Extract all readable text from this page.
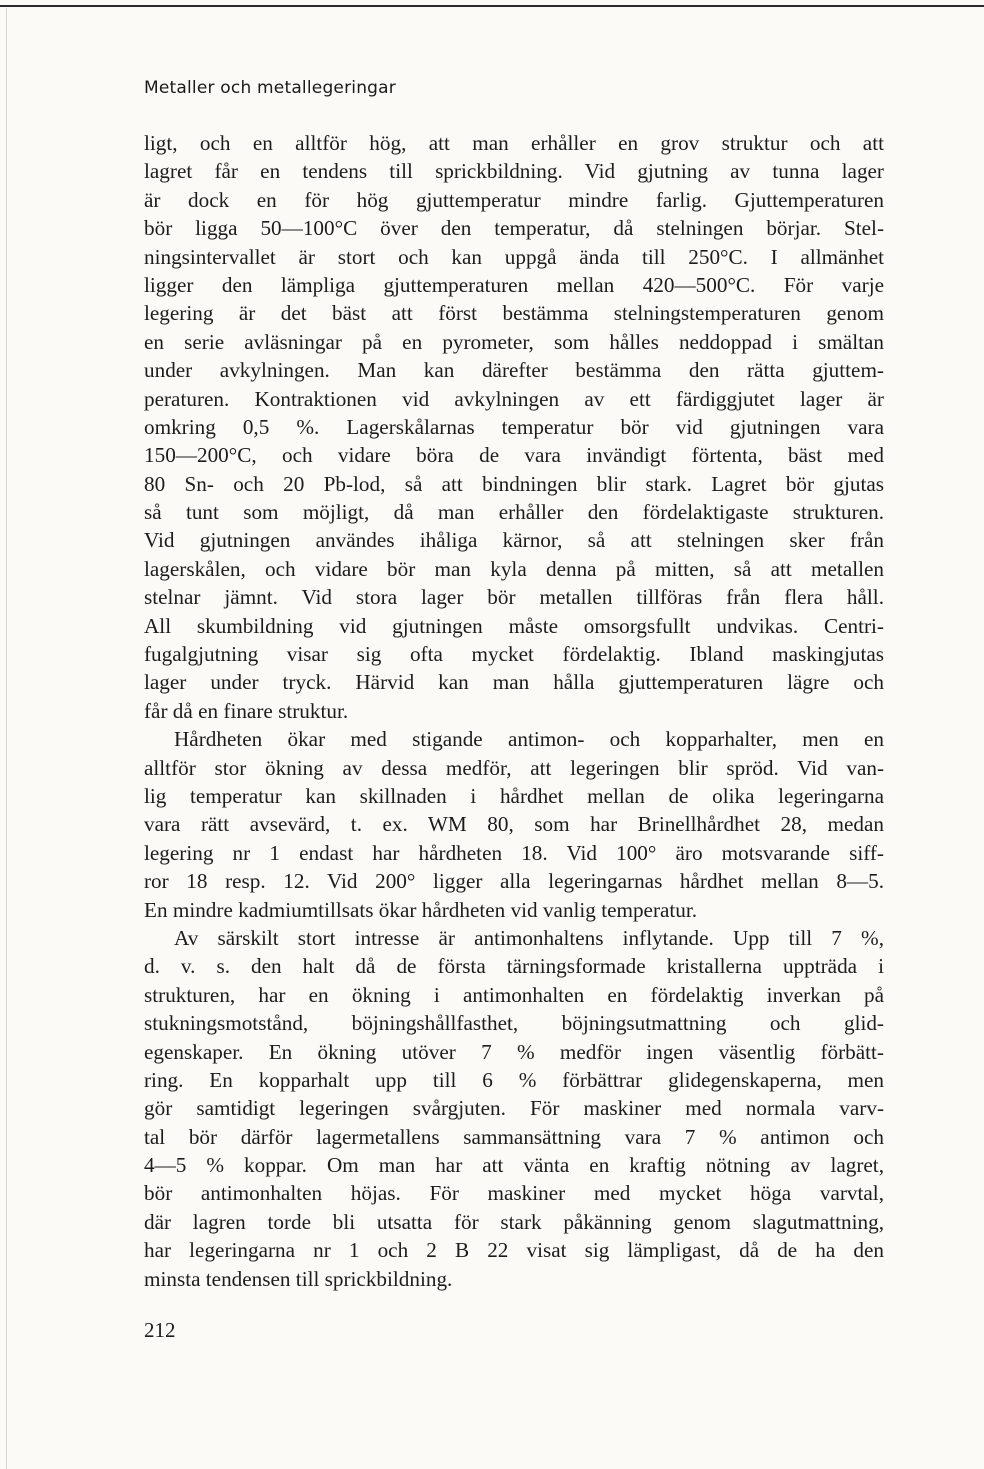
Metaller och metallegeringar
ligt, och en alltför hög, att man erhåller en grov struktur och att
lagret får en tendens till sprickbildning. Vid gjutning av tunna lager
är dock en för hög gjuttemperatur mindre farlig. Gjuttemperaturen
bör ligga 50—100°C över den temperatur, då stelningen börjar. Stel-
ningsintervallet är stort och kan uppgå ända till 250°C. I allmänhet
ligger den lämpliga gjuttemperaturen mellan 420—500°C. För varje
legering är det bäst att först bestämma stelningstemperaturen genom
en serie avläsningar på en pyrometer, som hålles neddoppad i smältan
under avkylningen. Man kan därefter bestämma den rätta gjuttem-
peraturen. Kontraktionen vid avkylningen av ett färdiggjutet lager är
omkring 0,5 %. Lagerskålarnas temperatur bör vid gjutningen vara
150—200°C, och vidare böra de vara invändigt förtenta, bäst med
80 Sn- och 20 Pb-lod, så att bindningen blir stark. Lagret bör gjutas
så tunt som möjligt, då man erhåller den fördelaktigaste strukturen.
Vid gjutningen användes ihåliga kärnor, så att stelningen sker från
lagerskålen, och vidare bör man kyla denna på mitten, så att metallen
stelnar jämnt. Vid stora lager bör metallen tillföras från flera håll.
All skumbildning vid gjutningen måste omsorgsfullt undvikas. Centri-
fugalgjutning visar sig ofta mycket fördelaktig. Ibland maskingjutas
lager under tryck. Härvid kan man hålla gjuttemperaturen lägre och
får då en finare struktur.
Hårdheten ökar med stigande antimon- och kopparhalter, men en
alltför stor ökning av dessa medför, att legeringen blir spröd. Vid van-
lig temperatur kan skillnaden i hårdhet mellan de olika legeringarna
vara rätt avsevärd, t. ex. WM 80, som har Brinellhårdhet 28, medan
legering nr 1 endast har hårdheten 18. Vid 100° äro motsvarande siff-
ror 18 resp. 12. Vid 200° ligger alla legeringarnas hårdhet mellan 8—5.
En mindre kadmiumtillsats ökar hårdheten vid vanlig temperatur.
Av särskilt stort intresse är antimonhaltens inflytande. Upp till 7 %,
d. v. s. den halt då de första tärningsformade kristallerna uppträda i
strukturen, har en ökning i antimonhalten en fördelaktig inverkan på
stukningsmotstånd, böjningshållfasthet, böjningsutmattning och glid-
egenskaper. En ökning utöver 7 % medför ingen väsentlig förbätt-
ring. En kopparhalt upp till 6 % förbättrar glidegenskaperna, men
gör samtidigt legeringen svårgjuten. För maskiner med normala varv-
tal bör därför lagermetallens sammansättning vara 7 % antimon och
4—5 % koppar. Om man har att vänta en kraftig nötning av lagret,
bör antimonhalten höjas. För maskiner med mycket höga varvtal,
där lagren torde bli utsatta för stark påkänning genom slagutmattning,
har legeringarna nr 1 och 2 B 22 visat sig lämpligast, då de ha den
minsta tendensen till sprickbildning.
212
